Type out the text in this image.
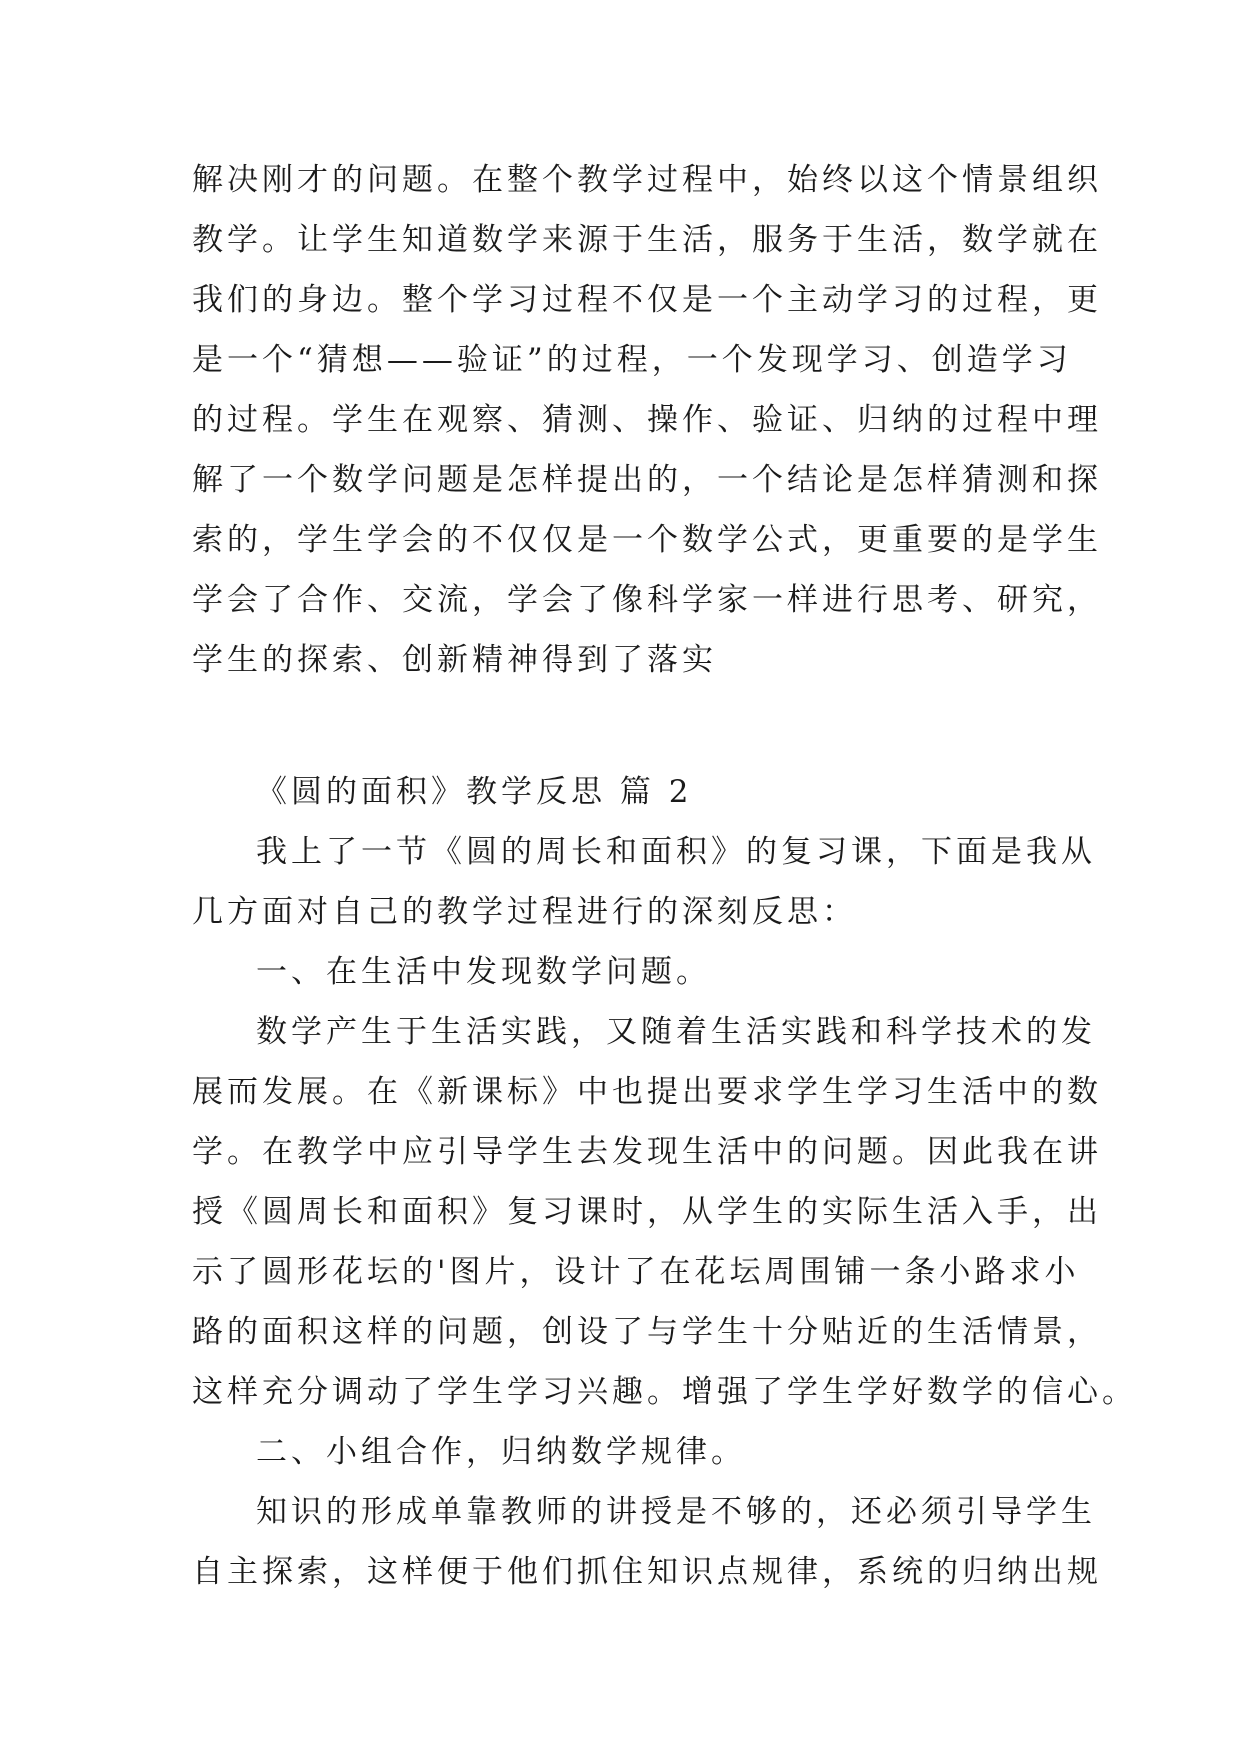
解决刚才的问题。在整个教学过程中，始终以这个情景组织
教学。让学生知道数学来源于生活，服务于生活，数学就在
我们的身边。整个学习过程不仅是一个主动学习的过程，更
是一个“猜想——验证”的过程，一个发现学习、创造学习
的过程。学生在观察、猜测、操作、验证、归纳的过程中理
解了一个数学问题是怎样提出的，一个结论是怎样猜测和探
索的，学生学会的不仅仅是一个数学公式，更重要的是学生
学会了合作、交流，学会了像科学家一样进行思考、研究，
学生的探索、创新精神得到了落实
《圆的面积》教学反思 篇 2
我上了一节《圆的周长和面积》的复习课，下面是我从
几方面对自己的教学过程进行的深刻反思：
一、在生活中发现数学问题。
数学产生于生活实践，又随着生活实践和科学技术的发
展而发展。在《新课标》中也提出要求学生学习生活中的数
学。在教学中应引导学生去发现生活中的问题。因此我在讲
授《圆周长和面积》复习课时，从学生的实际生活入手，出
示了圆形花坛的'图片，设计了在花坛周围铺一条小路求小
路的面积这样的问题，创设了与学生十分贴近的生活情景，
这样充分调动了学生学习兴趣。增强了学生学好数学的信心。
二、小组合作，归纳数学规律。
知识的形成单靠教师的讲授是不够的，还必须引导学生
自主探索，这样便于他们抓住知识点规律，系统的归纳出规
